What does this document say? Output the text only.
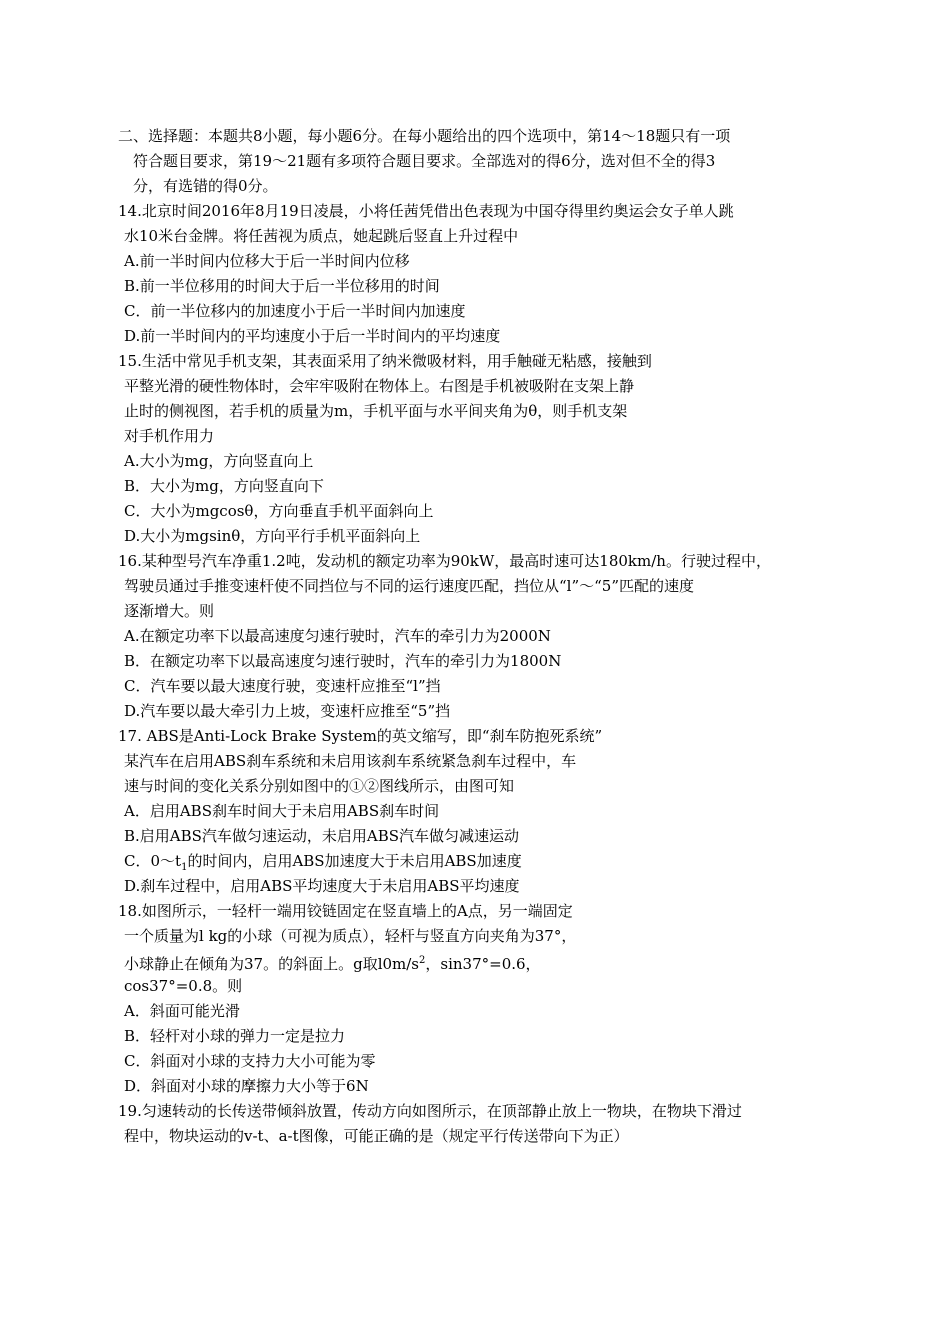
二、选择题：本题共8小题，每小题6分。在每小题给出的四个选项中，第14～18题只有一项
符合题目要求，第19～21题有多项符合题目要求。全部选对的得6分，选对但不全的得3
分，有选错的得0分。
14.北京时间2016年8月19日凌晨，小将任茜凭借出色表现为中国夺得里约奥运会女子单人跳
水10米台金牌。将任茜视为质点，她起跳后竖直上升过程中
A.前一半时间内位移大于后一半时间内位移
B.前一半位移用的时间大于后一半位移用的时间
C．前一半位移内的加速度小于后一半时间内加速度
D.前一半时间内的平均速度小于后一半时间内的平均速度
15.生活中常见手机支架，其表面采用了纳米微吸材料，用手触碰无粘感，接触到
平整光滑的硬性物体时，会牢牢吸附在物体上。右图是手机被吸附在支架上静
止时的侧视图，若手机的质量为m，手机平面与水平间夹角为θ，则手机支架
对手机作用力
A.大小为mg，方向竖直向上
B．大小为mg，方向竖直向下
C．大小为mgcosθ，方向垂直手机平面斜向上
D.大小为mgsinθ，方向平行手机平面斜向上
16.某种型号汽车净重1.2吨，发动机的额定功率为90kW，最高时速可达180km/h。行驶过程中，
驾驶员通过手推变速杆使不同挡位与不同的运行速度匹配，挡位从“l”～“5”匹配的速度
逐渐增大。则
A.在额定功率下以最高速度匀速行驶时，汽车的牵引力为2000N
B．在额定功率下以最高速度匀速行驶时，汽车的牵引力为1800N
C．汽车要以最大速度行驶，变速杆应推至“l”挡
D.汽车要以最大牵引力上坡，变速杆应推至“5”挡
17. ABS是Anti-Lock Brake System的英文缩写，即“刹车防抱死系统”
某汽车在启用ABS刹车系统和未启用该刹车系统紧急刹车过程中，车
速与时间的变化关系分别如图中的①②图线所示，由图可知
A．启用ABS刹车时间大于未启用ABS刹车时间
B.启用ABS汽车做匀速运动，未启用ABS汽车做匀减速运动
C．$0\sim t_1$的时间内，启用ABS加速度大于未启用ABS加速度
D.刹车过程中，启用ABS平均速度大于未启用ABS平均速度
18.如图所示，一轻杆一端用铰链固定在竖直墙上的A点，另一端固定
一个质量为l kg的小球（可视为质点），轻杆与竖直方向夹角为37°，
小球静止在倾角为37。的斜面上。g取$l0m/s^2$，sin37°=0.6，
cos37°=0.8。则
A．斜面可能光滑
B．轻杆对小球的弹力一定是拉力
C．斜面对小球的支持力大小可能为零
D．斜面对小球的摩擦力大小等于6N
19.匀速转动的长传送带倾斜放置，传动方向如图所示，在顶部静止放上一物块，在物块下滑过
程中，物块运动的v-t、a-t图像，可能正确的是（规定平行传送带向下为正）
